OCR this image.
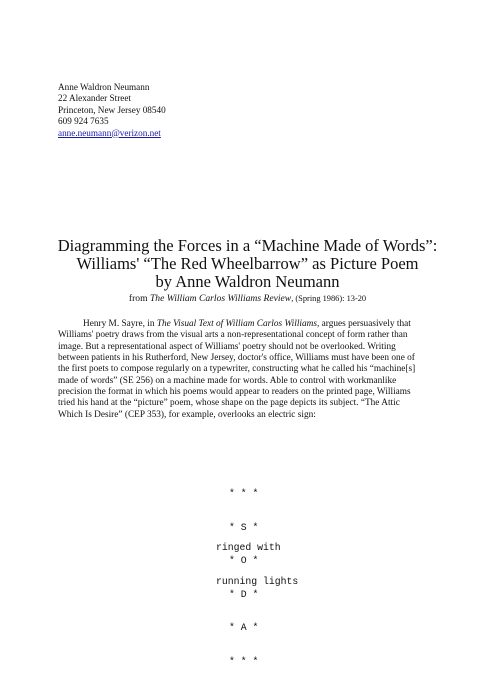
Anne Waldron Neumann
22 Alexander Street
Princeton, New Jersey 08540
609 924 7635
anne.neumann@verizon.net
Diagramming the Forces in a “Machine Made of Words”:
Williams' “The Red Wheelbarrow” as Picture Poem
by Anne Waldron Neumann
from The William Carlos Williams Review, (Spring 1986): 13-20
Henry M. Sayre, in The Visual Text of William Carlos Williams, argues persuasively that
Williams' poetry draws from the visual arts a non-representational concept of form rather than
image. But a representational aspect of Williams' poetry should not be overlooked. Writing
between patients in his Rutherford, New Jersey, doctor's office, Williams must have been one of
the first poets to compose regularly on a typewriter, constructing what he called his “machine[s]
made of words” (SE 256) on a machine made for words. Able to control with workmanlike
precision the format in which his poems would appear to readers on the printed page, Williams
tried his hand at the “picture” poem, whose shape on the page depicts its subject. “The Attic
Which Is Desire” (CEP 353), for example, overlooks an electric sign:

* * *

* S *

* O *

* D *

* A *

* * *

ringed with

running lights
